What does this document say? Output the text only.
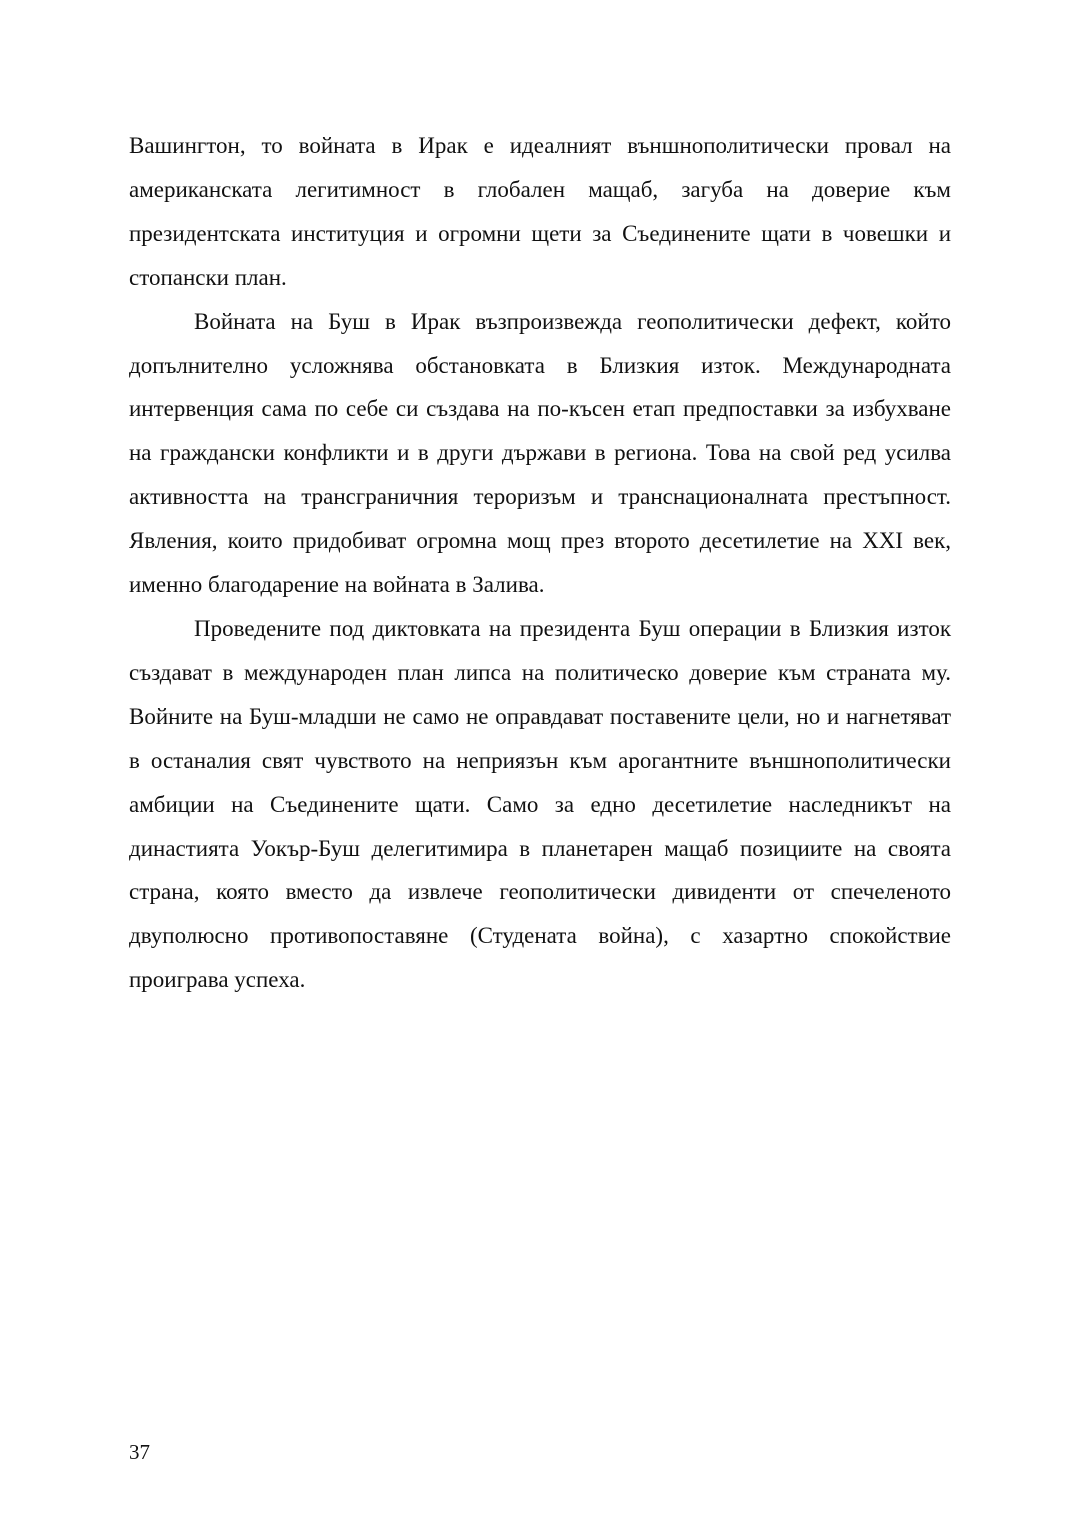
Вашингтон, то войната в Ирак е идеалният външнополитически провал на американската легитимност в глобален мащаб, загуба на доверие към президентската институция и огромни щети за Съединените щати в човешки и стопански план.

Войната на Буш в Ирак възпроизвежда геополитически дефект, който допълнително усложнява обстановката в Близкия изток. Международната интервенция сама по себе си създава на по-късен етап предпоставки за избухване на граждански конфликти и в други държави в региона. Това на свой ред усилва активността на трансграничния тероризъм и транснационалната престъпност. Явления, които придобиват огромна мощ през второто десетилетие на XXI век, именно благодарение на войната в Залива.

Проведените под диктовката на президента Буш операции в Близкия изток създават в международен план липса на политическо доверие към страната му. Войните на Буш-младши не само не оправдават поставените цели, но и нагнетяват в останалия свят чувството на неприязън към арогантните външнополитически амбиции на Съединените щати. Само за едно десетилетие наследникът на династията Уокър-Буш делегитимира в планетарен мащаб позициите на своята страна, която вместо да извлече геополитически дивиденти от спечеленото двуполюсно противопоставяне (Студената война), с хазартно спокойствие проиграва успеха.

37
